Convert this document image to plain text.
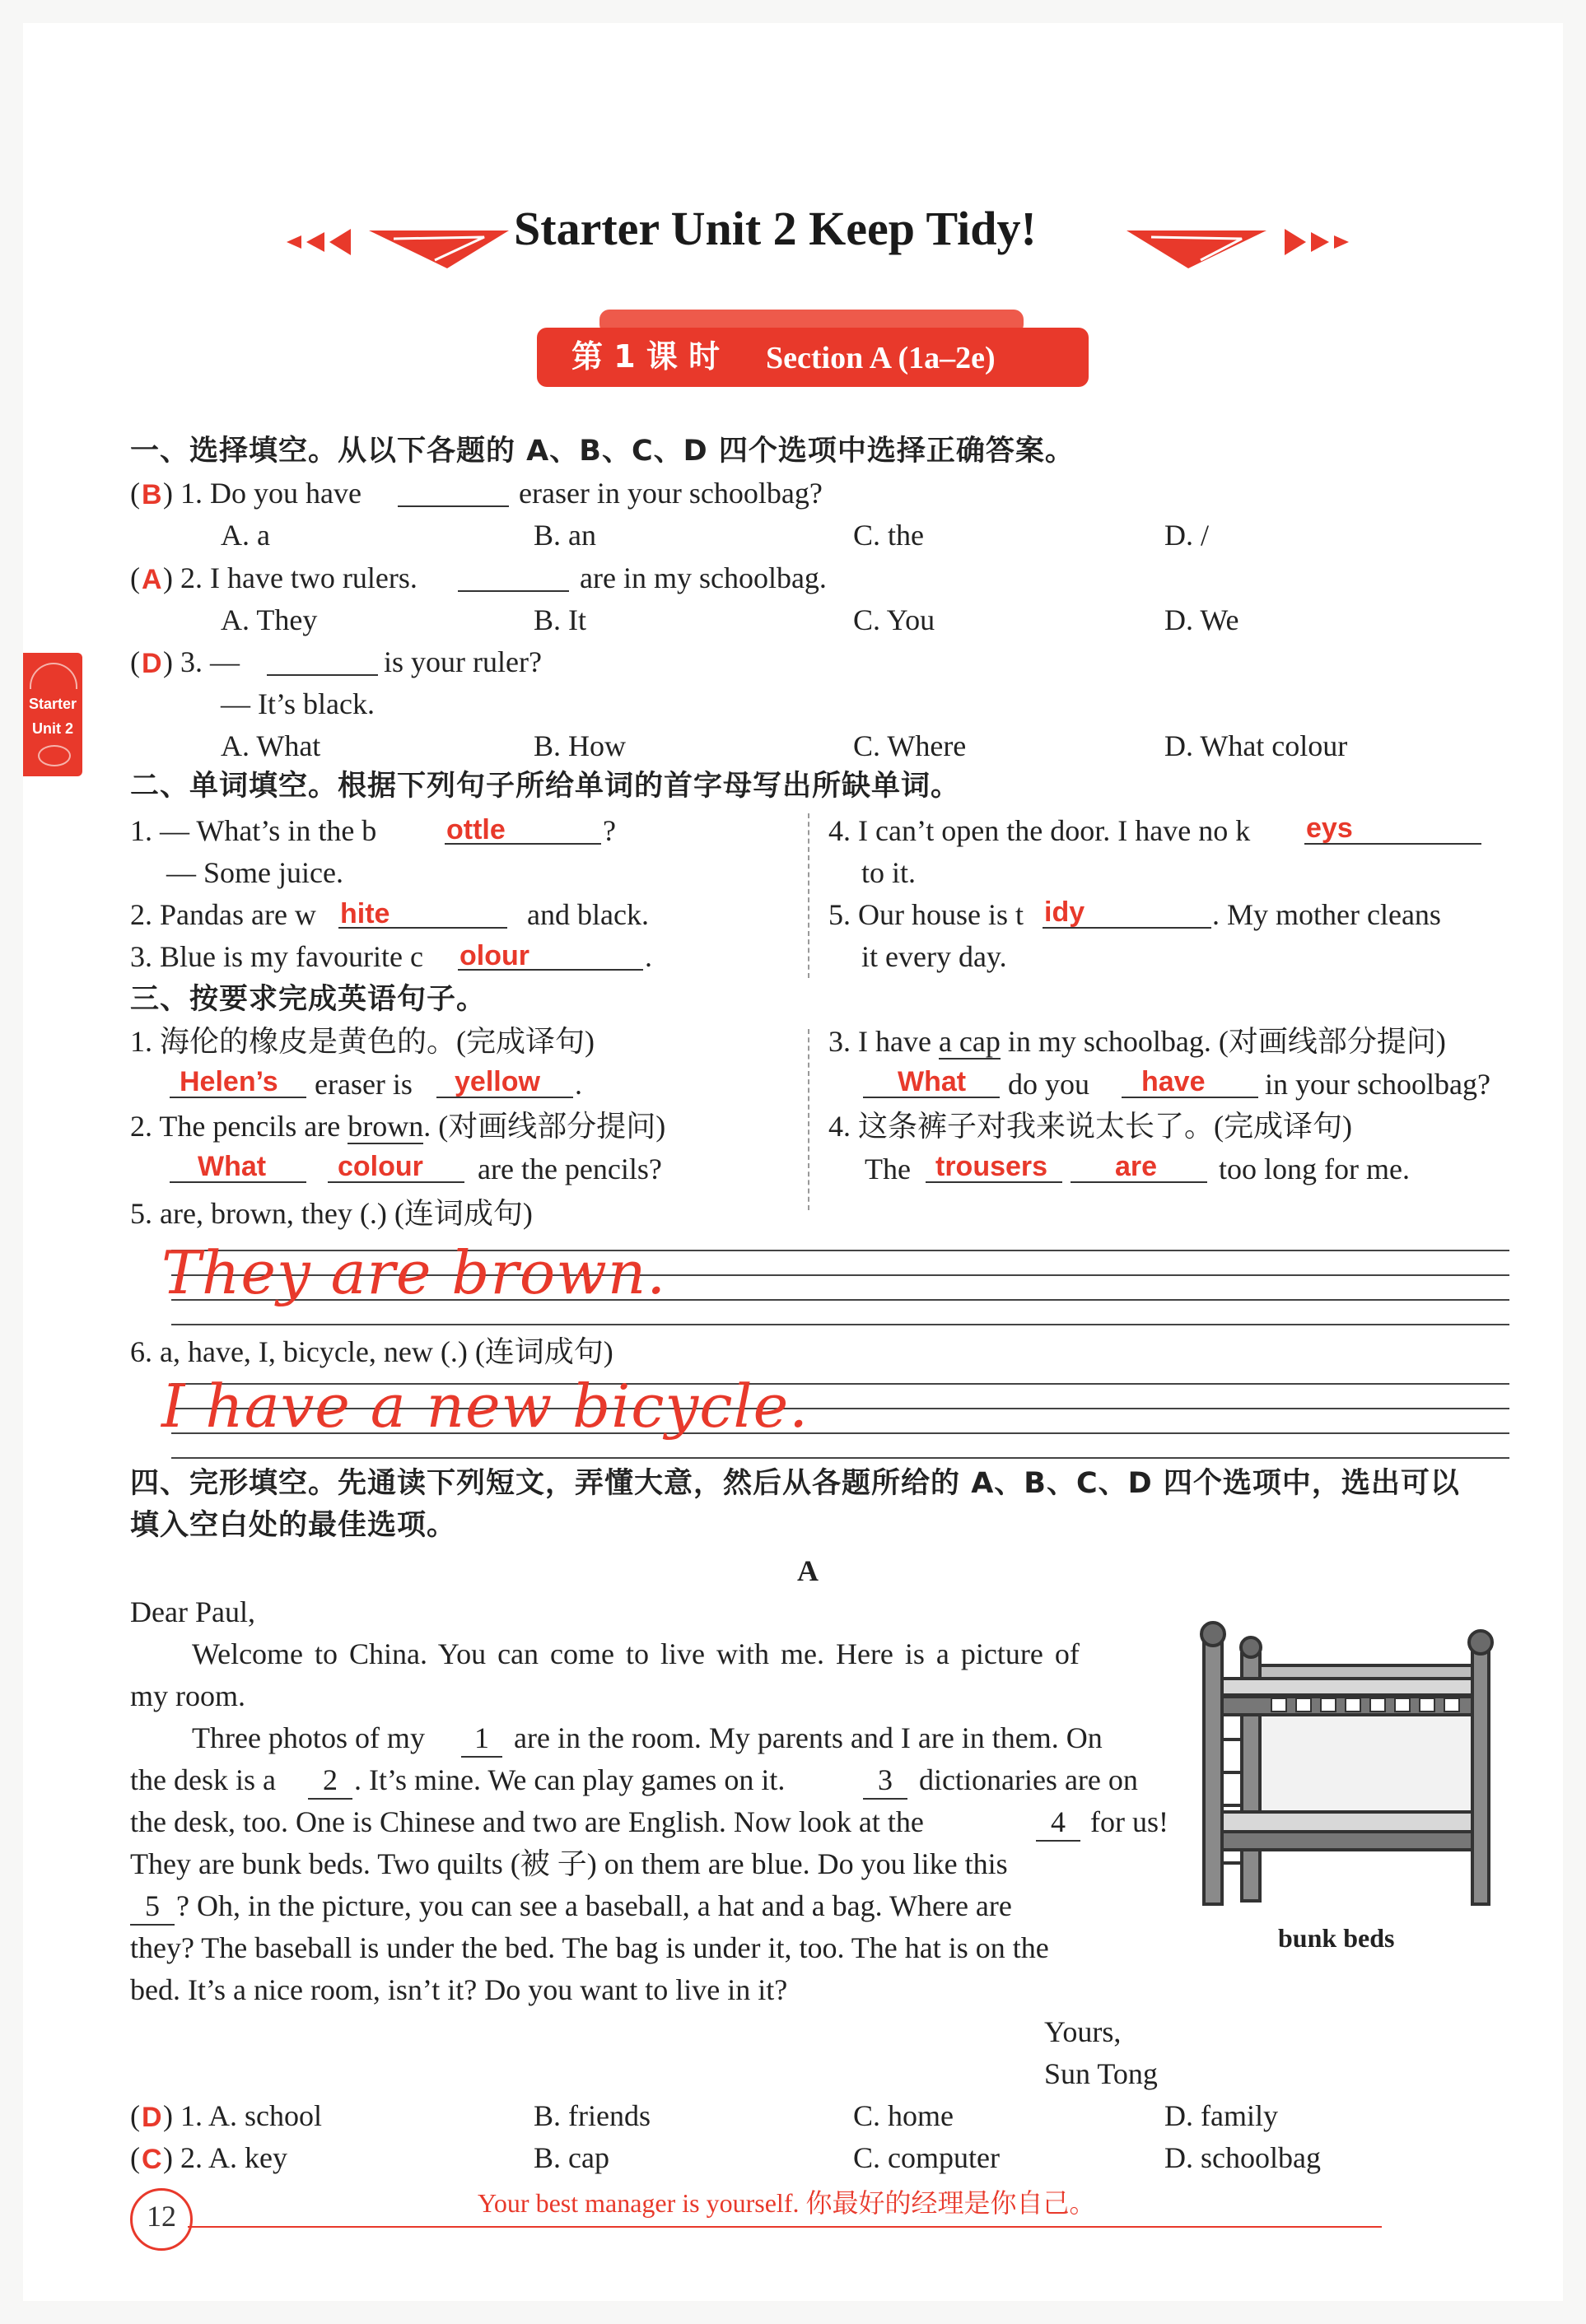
Starter Unit 2 Keep Tidy!
第 1 课 时 Section A (1a–2e)
Starter
Unit 2
一、选择填空。从以下各题的 A、B、C、D 四个选项中选择正确答案。
( B ) 1. Do you have	eraser in your schoolbag?
A. a	B. an	C. the	D. /
( A ) 2. I have two rulers.	are in my schoolbag.
A. They	B. It	C. You	D. We
( D ) 3. —	is your ruler?
— It’s black.
A. What	B. How	C. Where	D. What colour
二、单词填空。根据下列句子所给单词的首字母写出所缺单词。
1. — What’s in the b ottle	?
— Some juice.
2. Pandas are w hite	and black.
3. Blue is my favourite c olour	.
4. I can’t open the door. I have no k eys
to it.
5. Our house is t idy	. My mother cleans
it every day.
三、按要求完成英语句子。
1. 海伦的橡皮是黄色的。(完成译句)
Helen’s eraser is yellow .
2. The pencils are brown. (对画线部分提问)
What	colour are the pencils?
3. I have a cap in my schoolbag. (对画线部分提问)
What do you have in your schoolbag?
4. 这条裤子对我来说太长了。(完成译句)
The trousers are too long for me.
5. are, brown, they (.) (连词成句)
They are brown.
6. a, have, I, bicycle, new (.) (连词成句)
I have a new bicycle.
四、完形填空。先通读下列短文，弄懂大意，然后从各题所给的 A、B、C、D 四个选项中，选出可以
填入空白处的最佳选项。
A
Dear Paul,
Welcome to China. You can come to live with me. Here is a picture of
my room.
Three photos of my	1 are in the room. My parents and I are in them. On
the desk is a	2 . It’s mine. We can play games on it.	3 dictionaries are on
the desk, too. One is Chinese and two are English. Now look at the	4 for us!
They are bunk beds. Two quilts (被 子) on them are blue. Do you like this
5 ? Oh, in the picture, you can see a baseball, a hat and a bag. Where are
they? The baseball is under the bed. The bag is under it, too. The hat is on the
bed. It’s a nice room, isn’t it? Do you want to live in it?
Yours,
Sun Tong
bunk beds
( D ) 1. A. school	B. friends	C. home	D. family
( C ) 2. A. key	B. cap	C. computer	D. schoolbag
12	Your best manager is yourself. 你最好的经理是你自己。
